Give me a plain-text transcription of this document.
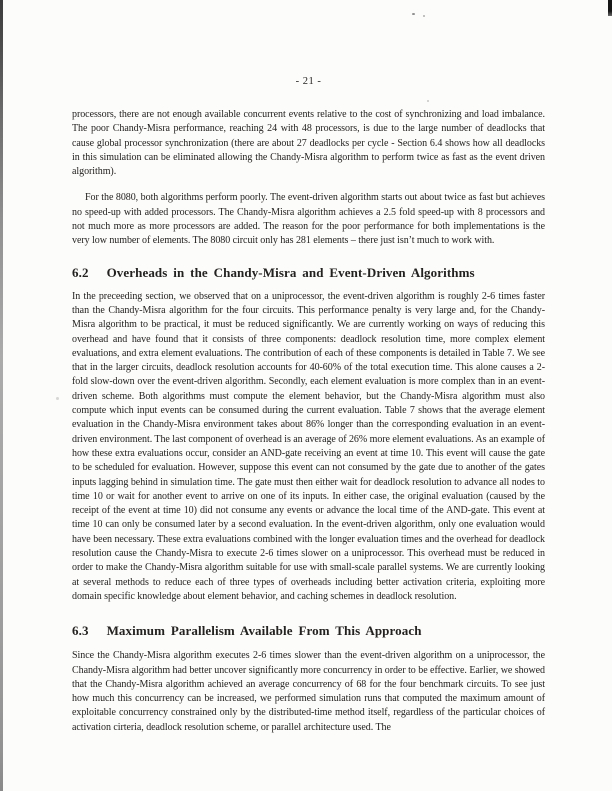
- 21 -

processors, there are not enough available concurrent events relative to the cost of synchronizing and load imbalance. The poor Chandy-Misra performance, reaching 24 with 48 processors, is due to the large number of deadlocks that cause global processor synchronization (there are about 27 deadlocks per cycle - Section 6.4 shows how all deadlocks in this simulation can be eliminated allowing the Chandy-Misra algorithm to perform twice as fast as the event driven algorithm).

For the 8080, both algorithms perform poorly. The event-driven algorithm starts out about twice as fast but achieves no speed-up with added processors. The Chandy-Misra algorithm achieves a 2.5 fold speed-up with 8 processors and not much more as more processors are added. The reason for the poor performance for both implementations is the very low number of elements. The 8080 circuit only has 281 elements – there just isn’t much to work with.

6.2 Overheads in the Chandy-Misra and Event-Driven Algorithms

In the preceeding section, we observed that on a uniprocessor, the event-driven algorithm is roughly 2-6 times faster than the Chandy-Misra algorithm for the four circuits. This performance penalty is very large and, for the Chandy-Misra algorithm to be practical, it must be reduced significantly. We are currently working on ways of reducing this overhead and have found that it consists of three components: deadlock resolution time, more complex element evaluations, and extra element evaluations. The contribution of each of these components is detailed in Table 7. We see that in the larger circuits, deadlock resolution accounts for 40-60% of the total execution time. This alone causes a 2-fold slow-down over the event-driven algorithm. Secondly, each element evaluation is more complex than in an event-driven scheme. Both algorithms must compute the element behavior, but the Chandy-Misra algorithm must also compute which input events can be consumed during the current evaluation. Table 7 shows that the average element evaluation in the Chandy-Misra environment takes about 86% longer than the corresponding evaluation in an event-driven environment. The last component of overhead is an average of 26% more element evaluations. As an example of how these extra evaluations occur, consider an AND-gate receiving an event at time 10. This event will cause the gate to be scheduled for evaluation. However, suppose this event can not consumed by the gate due to another of the gates inputs lagging behind in simulation time. The gate must then either wait for deadlock resolution to advance all nodes to time 10 or wait for another event to arrive on one of its inputs. In either case, the original evaluation (caused by the receipt of the event at time 10) did not consume any events or advance the local time of the AND-gate. This event at time 10 can only be consumed later by a second evaluation. In the event-driven algorithm, only one evaluation would have been necessary. These extra evaluations combined with the longer evaluation times and the overhead for deadlock resolution cause the Chandy-Misra to execute 2-6 times slower on a uniprocessor. This overhead must be reduced in order to make the Chandy-Misra algorithm suitable for use with small-scale parallel systems. We are currently looking at several methods to reduce each of three types of overheads including better activation criteria, exploiting more domain specific knowledge about element behavior, and caching schemes in deadlock resolution.

6.3 Maximum Parallelism Available From This Approach

Since the Chandy-Misra algorithm executes 2-6 times slower than the event-driven algorithm on a uniprocessor, the Chandy-Misra algorithm had better uncover significantly more concurrency in order to be effective. Earlier, we showed that the Chandy-Misra algorithm achieved an average concurrency of 68 for the four benchmark circuits. To see just how much this concurrency can be increased, we performed simulation runs that computed the maximum amount of exploitable concurrency constrained only by the distributed-time method itself, regardless of the particular choices of activation cirteria, deadlock resolution scheme, or parallel architecture used. The
